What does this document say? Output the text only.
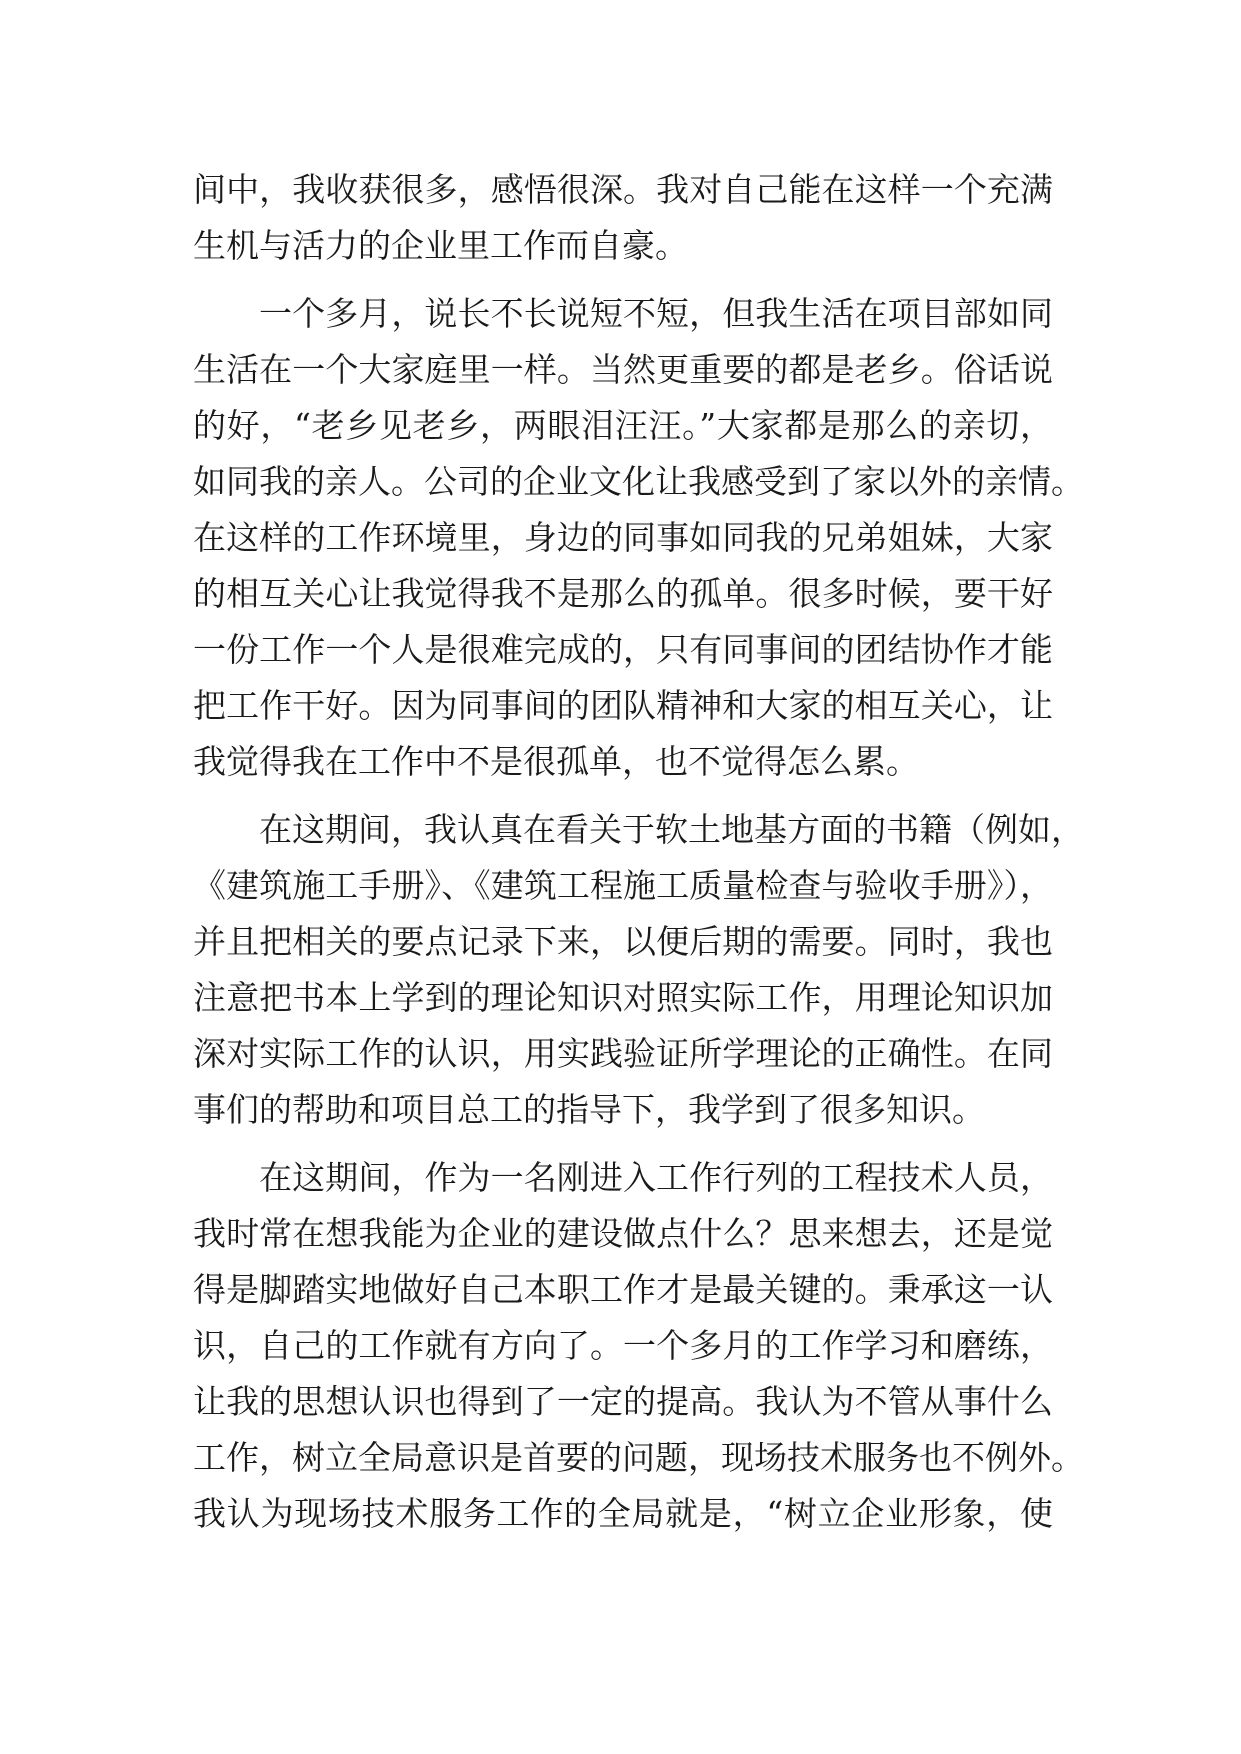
间中，我收获很多，感悟很深。我对自己能在这样一个充满
生机与活力的企业里工作而自豪。
一个多月，说长不长说短不短，但我生活在项目部如同
生活在一个大家庭里一样。当然更重要的都是老乡。俗话说
的好，“老乡见老乡，两眼泪汪汪。”大家都是那么的亲切，
如同我的亲人。公司的企业文化让我感受到了家以外的亲情。
在这样的工作环境里，身边的同事如同我的兄弟姐妹，大家
的相互关心让我觉得我不是那么的孤单。很多时候，要干好
一份工作一个人是很难完成的，只有同事间的团结协作才能
把工作干好。因为同事间的团队精神和大家的相互关心，让
我觉得我在工作中不是很孤单，也不觉得怎么累。
在这期间，我认真在看关于软土地基方面的书籍（例如，
《建筑施工手册》、《建筑工程施工质量检查与验收手册》），
并且把相关的要点记录下来，以便后期的需要。同时，我也
注意把书本上学到的理论知识对照实际工作，用理论知识加
深对实际工作的认识，用实践验证所学理论的正确性。在同
事们的帮助和项目总工的指导下，我学到了很多知识。
在这期间，作为一名刚进入工作行列的工程技术人员，
我时常在想我能为企业的建设做点什么？思来想去，还是觉
得是脚踏实地做好自己本职工作才是最关键的。秉承这一认
识，自己的工作就有方向了。一个多月的工作学习和磨练，
让我的思想认识也得到了一定的提高。我认为不管从事什么
工作，树立全局意识是首要的问题，现场技术服务也不例外。
我认为现场技术服务工作的全局就是，“树立企业形象，使
